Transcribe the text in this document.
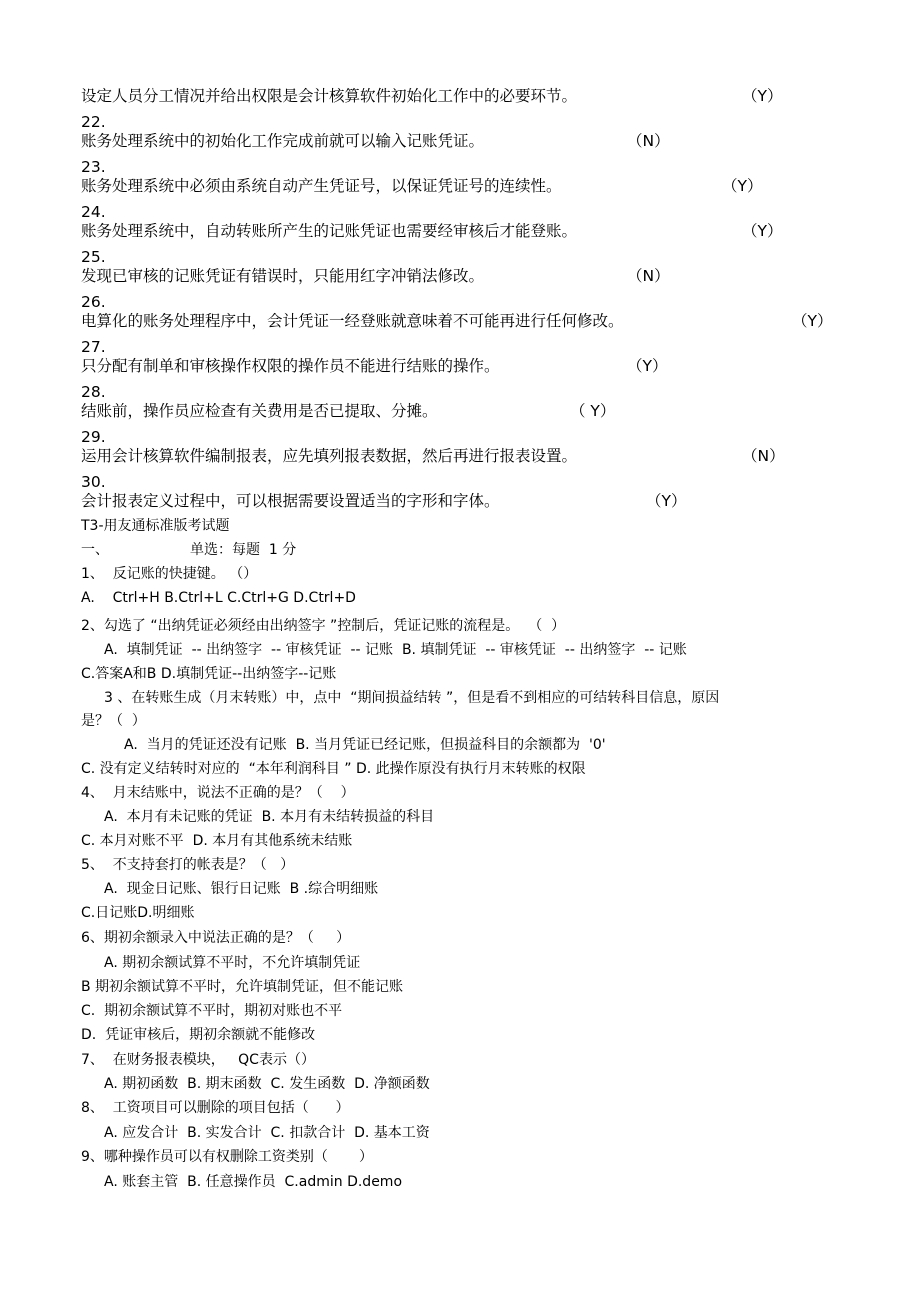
设定人员分工情况并给出权限是会计核算软件初始化工作中的必要环节。	（Y）
22.
账务处理系统中的初始化工作完成前就可以输入记账凭证。	（N）
23.
账务处理系统中必须由系统自动产生凭证号，以保证凭证号的连续性。	（Y）
24.
账务处理系统中，自动转账所产生的记账凭证也需要经审核后才能登账。	（Y）
25.
发现已审核的记账凭证有错误时，只能用红字冲销法修改。	（N）
26.
电算化的账务处理程序中，会计凭证一经登账就意味着不可能再进行任何修改。	（Y）
27.
只分配有制单和审核操作权限的操作员不能进行结账的操作。	（Y）
28.
结账前，操作员应检查有关费用是否已提取、分摊。	（ Y）
29.
运用会计核算软件编制报表，应先填列报表数据，然后再进行报表设置。	（N）
30.
会计报表定义过程中，可以根据需要设置适当的字形和字体。	（Y）
T3-用友通标准版考试题
一、	单选：每题  1 分
1、  反记账的快捷键。 （）
A.    Ctrl+H B.Ctrl+L C.Ctrl+G D.Ctrl+D
2、勾选了 “出纳凭证必须经由出纳签字 ”控制后，凭证记账的流程是。  （  ）
A.  填制凭证  -- 出纳签字  -- 审核凭证  -- 记账  B. 填制凭证  -- 审核凭证  -- 出纳签字  -- 记账
C.答案A和B D.填制凭证--出纳签字--记账
3 、在转账生成（月末转账）中，点中  “期间损益结转 ”，但是看不到相应的可结转科目信息，原因
是？（  ）
A.  当月的凭证还没有记账  B. 当月凭证已经记账，但损益科目的余额都为  '0'
C. 没有定义结转时对应的  “本年利润科目 ” D. 此操作原没有执行月末转账的权限
4、  月末结账中，说法不正确的是？（    ）
A.  本月有未记账的凭证  B. 本月有未结转损益的科目
C. 本月对账不平  D. 本月有其他系统未结账
5、  不支持套打的帐表是？（   ）
A.  现金日记账、银行日记账  B .综合明细账
C.日记账D.明细账
6、期初余额录入中说法正确的是？（     ）
A. 期初余额试算不平时，不允许填制凭证
B 期初余额试算不平时，允许填制凭证，但不能记账
C.  期初余额试算不平时，期初对账也不平
D.  凭证审核后，期初余额就不能修改
7、  在财务报表模块，   QC表示（）
A. 期初函数  B. 期末函数  C. 发生函数  D. 净额函数
8、  工资项目可以删除的项目包括（      ）
A. 应发合计  B. 实发合计  C. 扣款合计  D. 基本工资
9、哪种操作员可以有权删除工资类别（       ）
A. 账套主管  B. 任意操作员  C.admin D.demo
